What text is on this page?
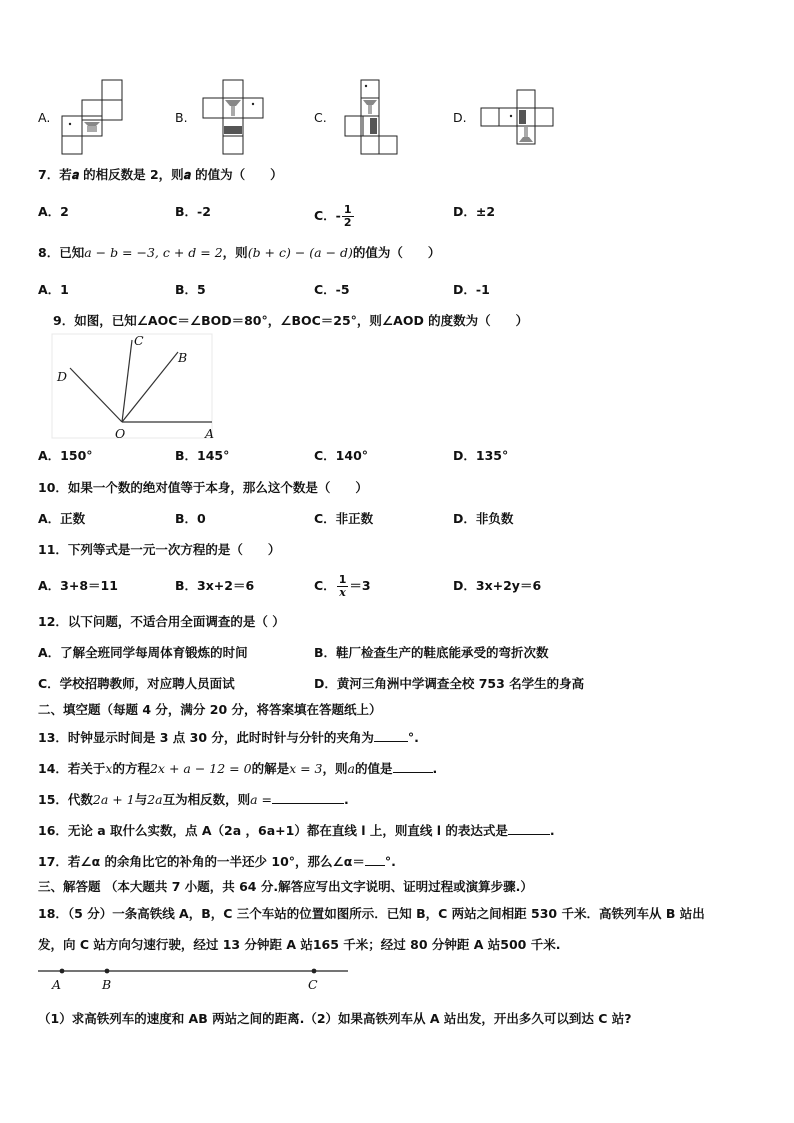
A.	B.	C.	D.
7．若𝒂 的相反数是 2，则𝒂 的值为（　　）
A．2	B．-2	C．- $\frac{1}{2}$	D．±2
8．已知a − b = −3, c + d = 2，则(b + c) − (a − d)的值为（　　）
A．1	B．5	C．-5	D．-1
9．如图，已知∠AOC＝∠BOD＝80°，∠BOC＝25°，则∠AOD 的度数为（　　）
C
B
D
O	A
A．150°	B．145°	C．140°	D．135°
10．如果一个数的绝对值等于本身，那么这个数是（　　）
A．正数	B．0	C．非正数	D．非负数
11．下列等式是一元一次方程的是（　　）
A．3+8＝11	B．3x+2＝6	C． $\frac{1}{x} =3$	D．3x+2y＝6
12．以下问题，不适合用全面调查的是（ ）
A．了解全班同学每周体育锻炼的时间	B．鞋厂检查生产的鞋底能承受的弯折次数
C．学校招聘教师，对应聘人员面试	D．黄河三角洲中学调查全校 753 名学生的身高
二、填空题（每题 4 分，满分 20 分，将答案填在答题纸上）
13．时钟显示时间是 3 点 30 分，此时时针与分针的夹角为	°.
14．若关于x的方程2x + a − 12 = 0的解是x = 3，则a的值是	.
15．代数2a + 1与2a互为相反数，则a =	.
16．无论 a 取什么实数，点 A（2a ，6a+1）都在直线 l 上，则直线 l 的表达式是	.
17．若∠α 的余角比它的补角的一半还少 10°，那么∠α＝ °.
三、解答题 （本大题共 7 小题，共 64 分.解答应写出文字说明、证明过程或演算步骤.）
18．（5 分）一条高铁线 A，B，C 三个车站的位置如图所示．已知 B，C 两站之间相距 530 千米．高铁列车从 B 站出
发，向 C 站方向匀速行驶，经过 13 分钟距 A 站165 千米；经过 80 分钟距 A 站500 千米.
A	B	C
（1）求高铁列车的速度和 AB 两站之间的距离.（2）如果高铁列车从 A 站出发，开出多久可以到达 C 站?
